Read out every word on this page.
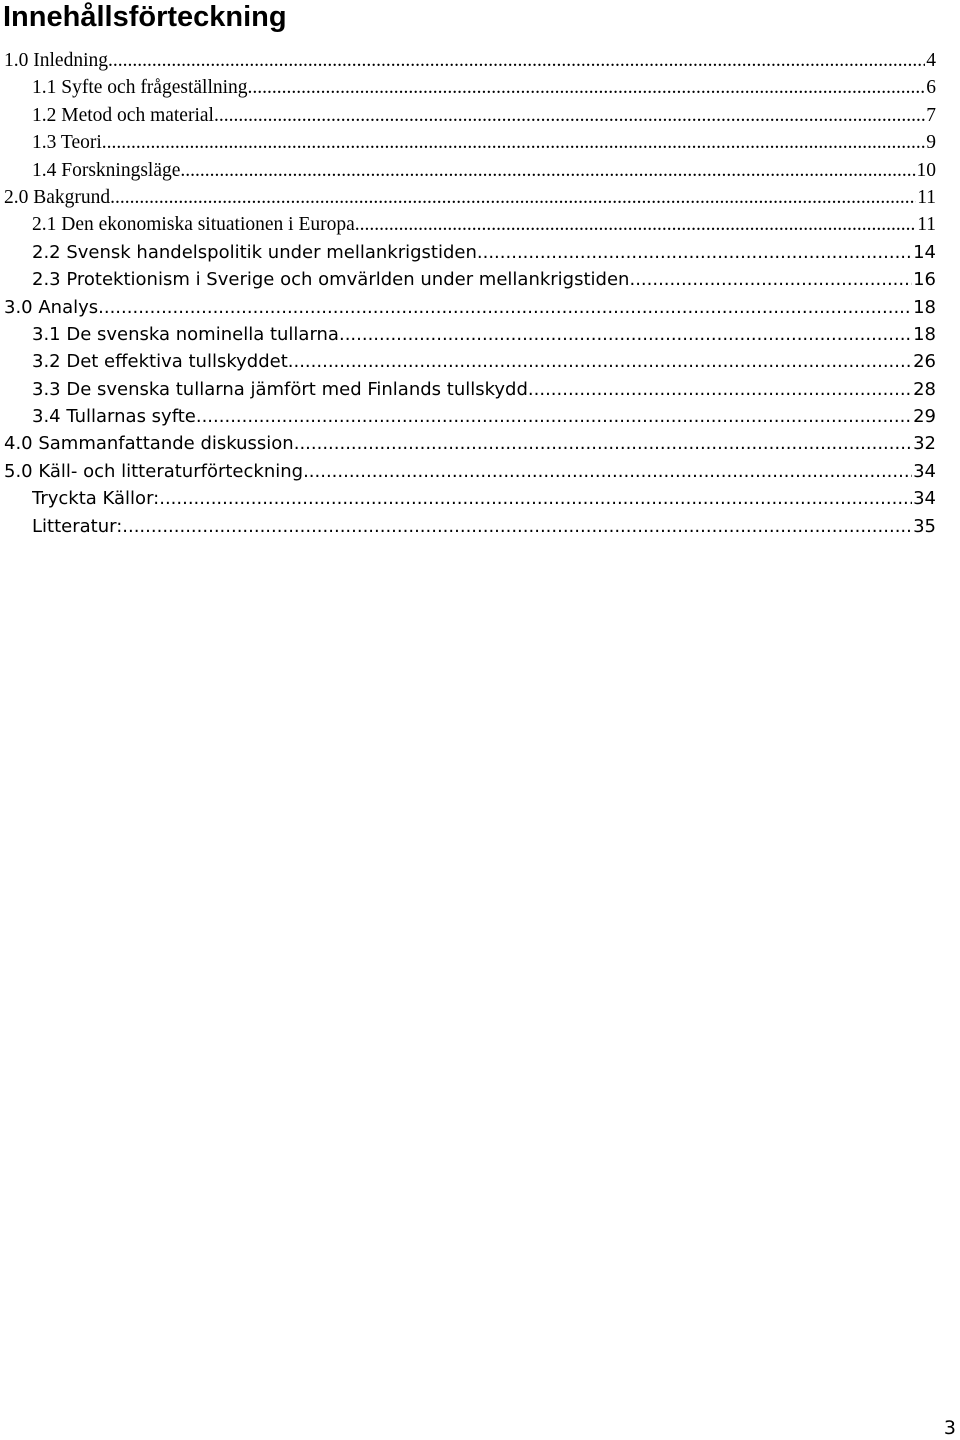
Innehållsförteckning
1.0 Inledning .....	4
1.1 Syfte och frågeställning .....	6
1.2 Metod och material .....	7
1.3 Teori .....	9
1.4 Forskningsläge .....	10
2.0 Bakgrund .....	11
2.1 Den ekonomiska situationen i Europa .....	11
2.2 Svensk handelspolitik under mellankrigstiden .....	14
2.3 Protektionism i Sverige och omvärlden under mellankrigstiden .....	16
3.0 Analys .....	18
3.1 De svenska nominella tullarna .....	18
3.2 Det effektiva tullskyddet .....	26
3.3 De svenska tullarna jämfört med Finlands tullskydd .....	28
3.4 Tullarnas syfte .....	29
4.0 Sammanfattande diskussion .....	32
5.0 Käll- och litteraturförteckning .....	34
Tryckta Källor: .....	34
Litteratur: .....	35
3
